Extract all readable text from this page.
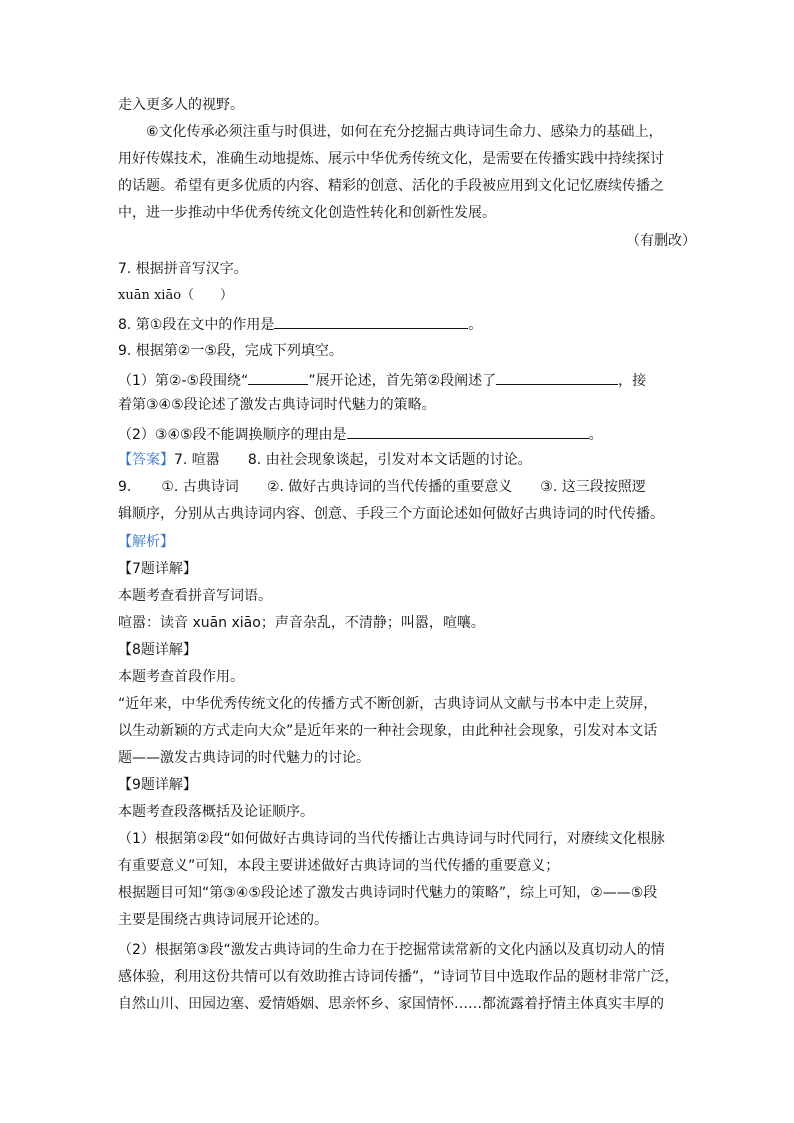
走入更多人的视野。
⑥文化传承必须注重与时俱进，如何在充分挖掘古典诗词生命力、感染力的基础上，
用好传媒技术，准确生动地提炼、展示中华优秀传统文化，是需要在传播实践中持续探讨
的话题。希望有更多优质的内容、精彩的创意、活化的手段被应用到文化记忆赓续传播之
中，进一步推动中华优秀传统文化创造性转化和创新性发展。
（有删改）
7. 根据拼音写汉字。
xuān xiāo（　　）
8. 第①段在文中的作用是	。
9. 根据第②一⑤段，完成下列填空。
（1）第②-⑤段围绕“	”展开论述，首先第②段阐述了	，接
着第③④⑤段论述了激发古典诗词时代魅力的策略。
（2）③④⑤段不能调换顺序的理由是	。
【答案】7. 喧嚣 8. 由社会现象谈起，引发对本文话题的讨论。
9. ①. 古典诗词 ②. 做好古典诗词的当代传播的重要意义 ③. 这三段按照逻
辑顺序，分别从古典诗词内容、创意、手段三个方面论述如何做好古典诗词的时代传播。
【解析】
【7题详解】
本题考查看拼音写词语。
喧嚣：读音 xuān xiāo；声音杂乱，不清静；叫嚣，喧嚷。
【8题详解】
本题考查首段作用。
“近年来，中华优秀传统文化的传播方式不断创新，古典诗词从文献与书本中走上荧屏，
以生动新颖的方式走向大众”是近年来的一种社会现象，由此种社会现象，引发对本文话
题——激发古典诗词的时代魅力的讨论。
【9题详解】
本题考查段落概括及论证顺序。
（1）根据第②段“如何做好古典诗词的当代传播让古典诗词与时代同行，对赓续文化根脉
有重要意义”可知，本段主要讲述做好古典诗词的当代传播的重要意义；
根据题目可知“第③④⑤段论述了激发古典诗词时代魅力的策略”，综上可知，②——⑤段
主要是围绕古典诗词展开论述的。
（2）根据第③段“激发古典诗词的生命力在于挖掘常读常新的文化内涵以及真切动人的情
感体验，利用这份共情可以有效助推古诗词传播”，“诗词节目中选取作品的题材非常广泛，
自然山川、田园边塞、爱情婚姻、思亲怀乡、家国情怀……都流露着抒情主体真实丰厚的
